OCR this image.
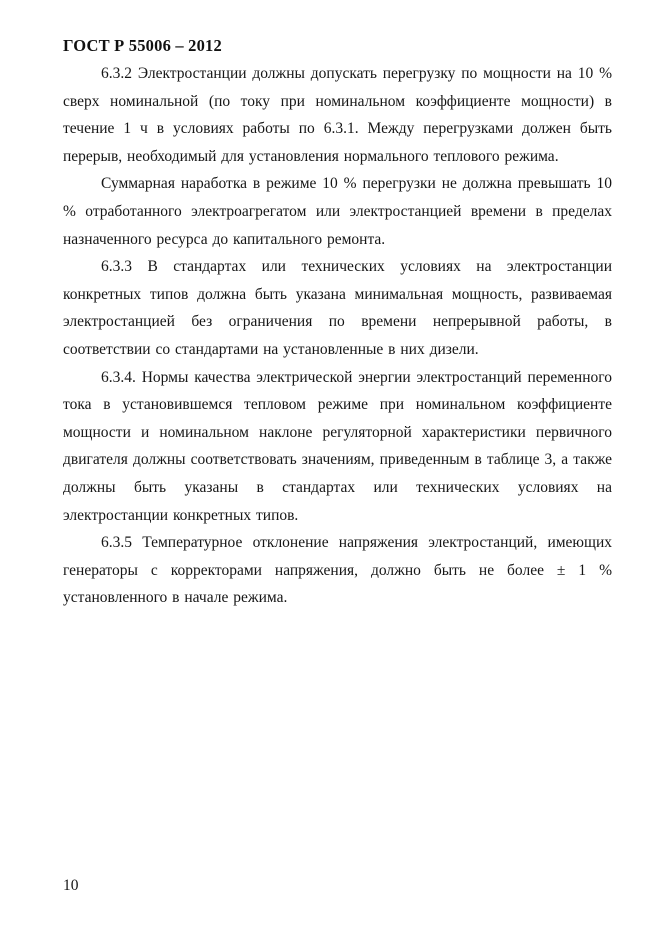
ГОСТ Р 55006 – 2012

6.3.2 Электростанции должны допускать перегрузку по мощности на 10 % сверх номинальной (по току при номинальном коэффициенте мощности) в течение 1 ч в условиях работы по 6.3.1. Между перегрузками должен быть перерыв, необходимый для установления нормального теплового режима.

Суммарная наработка в режиме 10 % перегрузки не должна превышать 10 % отработанного электроагрегатом или электростанцией времени в пределах назначенного ресурса до капитального ремонта.

6.3.3 В стандартах или технических условиях на электростанции конкретных типов должна быть указана минимальная мощность, развиваемая электростанцией без ограничения по времени непрерывной работы, в соответствии со стандартами на установленные в них дизели.

6.3.4. Нормы качества электрической энергии электростанций переменного тока в установившемся тепловом режиме при номинальном коэффициенте мощности и номинальном наклоне регуляторной характеристики первичного двигателя должны соответствовать значениям, приведенным в таблице 3, а также должны быть указаны в стандартах или технических условиях на электростанции конкретных типов.

6.3.5 Температурное отклонение напряжения электростанций, имеющих генераторы с корректорами напряжения, должно быть не более ± 1 % установленного в начале режима.

10
